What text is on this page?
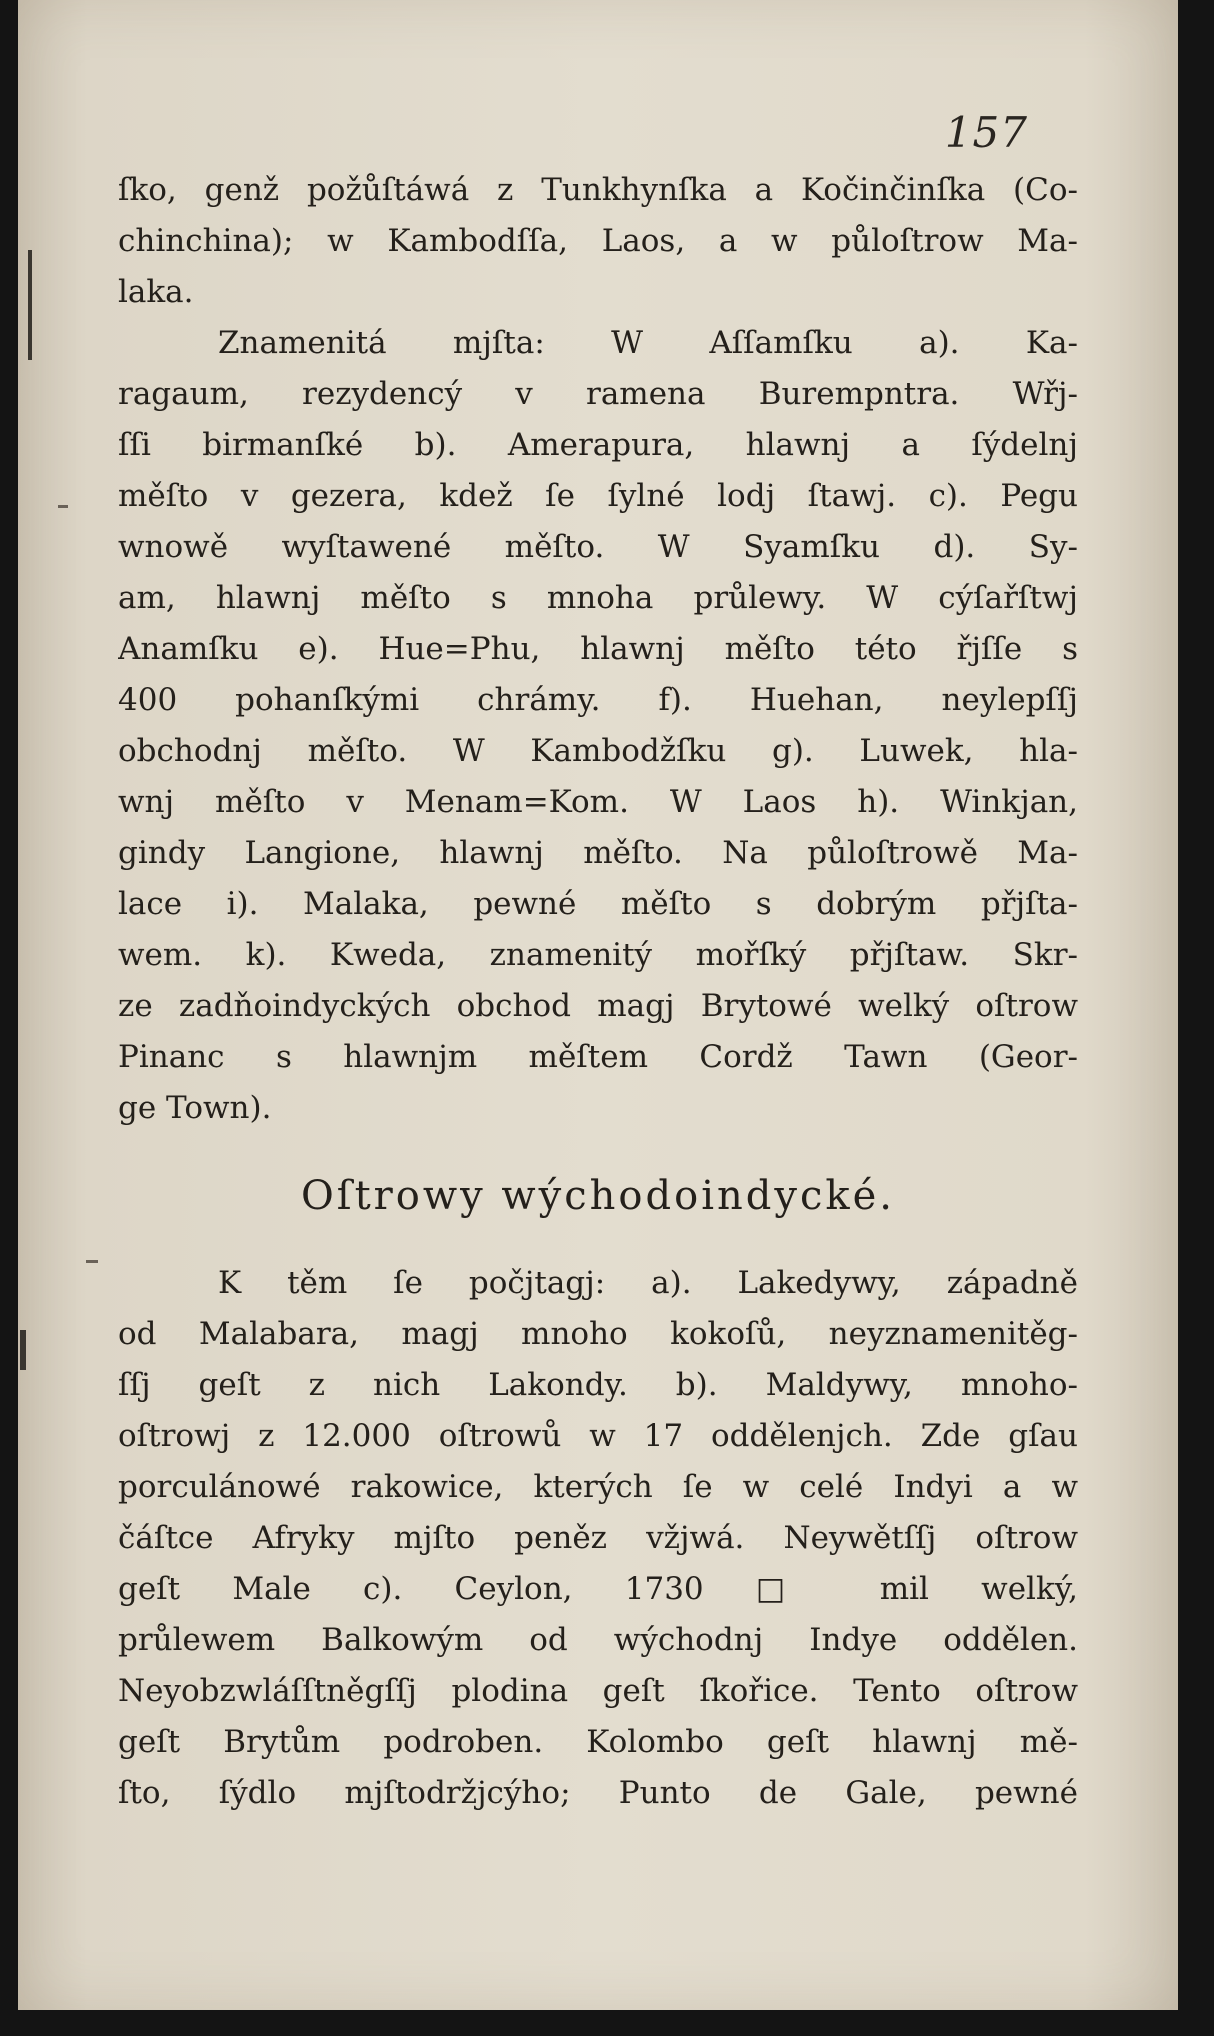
157
ſko, genž požůſtáwá z Tunkhynſka a Kočinčinſka (Co-
chinchina); w Kambodſſa, Laos, a w půloſtrow Ma-
laka.
Znamenitá mjſta: W Aſſamſku a). Ka-
ragaum, rezydencý v ramena Burempntra. Wřj-
ſſi birmanſké b). Amerapura, hlawnj a ſýdelnj
měſto v gezera, kdež ſe ſylné lodj ſtawj. c). Pegu
wnowě wyſtawené měſto. W Syamſku d). Sy-
am, hlawnj měſto s mnoha průlewy. W cýſařſtwj
Anamſku e). Hue=Phu, hlawnj měſto této řjſſe s
400 pohanſkými chrámy. f). Huehan, neylepſſj
obchodnj měſto. W Kambodžſku g). Luwek, hla-
wnj měſto v Menam=Kom. W Laos h). Winkjan,
gindy Langione, hlawnj měſto. Na půloſtrowě Ma-
lace i). Malaka, pewné měſto s dobrým přjſta-
wem. k). Kweda, znamenitý mořſký přjſtaw. Skr-
ze zadňoindyckých obchod magj Brytowé welký oſtrow
Pinanc s hlawnjm měſtem Cordž Tawn (Geor-
ge Town).
Oſtrowy wýchodoindycké.
K těm ſe počjtagj: a). Lakedywy, západně
od Malabara, magj mnoho kokoſů, neyznamenitěg-
ſſj geſt z nich Lakondy. b). Maldywy, mnoho-
oſtrowj z 12.000 oſtrowů w 17 oddělenjch. Zde gſau
porculánowé rakowice, kterých ſe w celé Indyi a w
čáſtce Afryky mjſto peněz vžjwá. Neywětſſj oſtrow
geſt Male c). Ceylon, 1730 □ mil welký,
průlewem Balkowým od wýchodnj Indye oddělen.
Neyobzwláſſtněgſſj plodina geſt ſkořice. Tento oſtrow
geſt Brytům podroben. Kolombo geſt hlawnj mě-
ſto, ſýdlo mjſtodržjcýho; Punto de Gale, pewné
